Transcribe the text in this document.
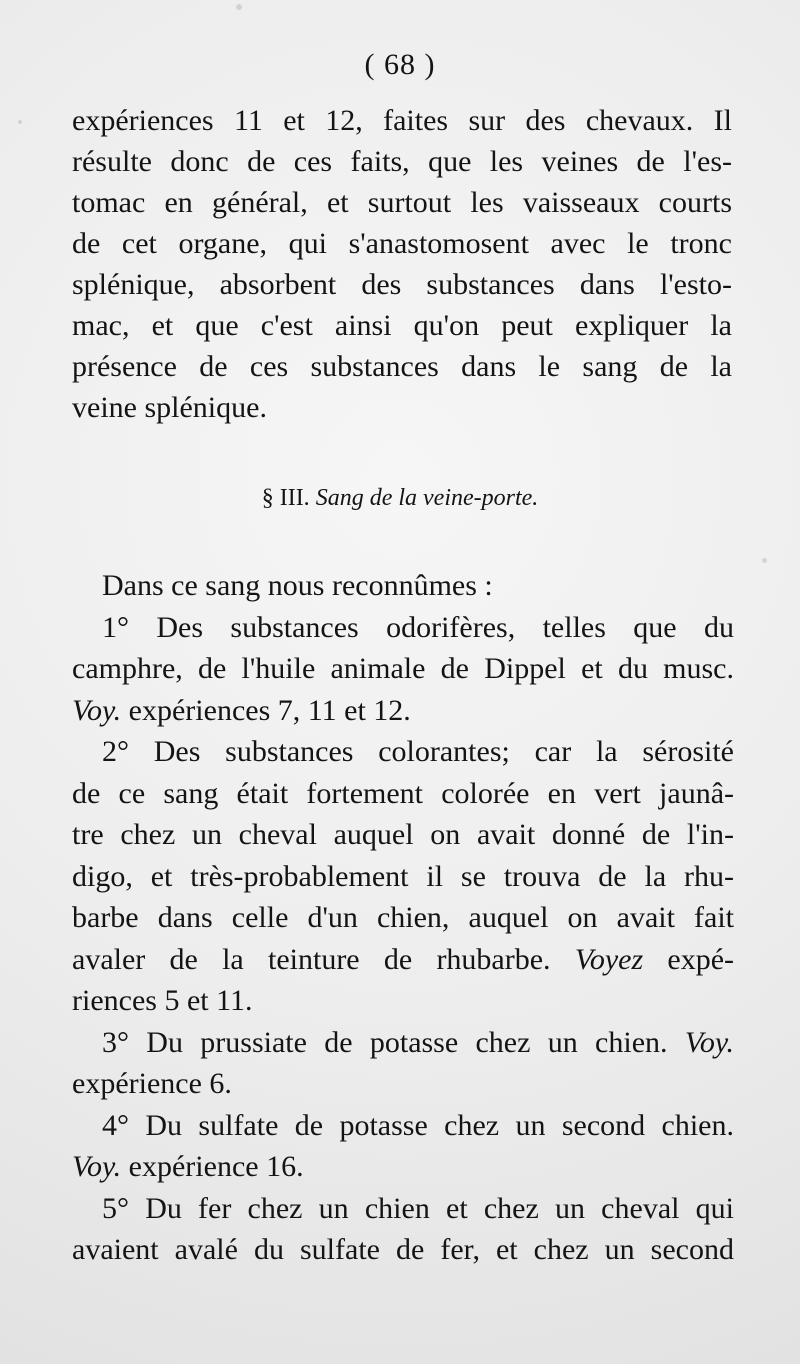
( 68 )
expériences 11 et 12, faites sur des chevaux. Il
résulte donc de ces faits, que les veines de l'es-
tomac en général, et surtout les vaisseaux courts
de cet organe, qui s'anastomosent avec le tronc
splénique, absorbent des substances dans l'esto-
mac, et que c'est ainsi qu'on peut expliquer la
présence de ces substances dans le sang de la
veine splénique.
§ III. Sang de la veine-porte.
Dans ce sang nous reconnûmes :
1° Des substances odorifères, telles que du
camphre, de l'huile animale de Dippel et du musc.
Voy. expériences 7, 11 et 12.
2° Des substances colorantes; car la sérosité
de ce sang était fortement colorée en vert jaunâ-
tre chez un cheval auquel on avait donné de l'in-
digo, et très-probablement il se trouva de la rhu-
barbe dans celle d'un chien, auquel on avait fait
avaler de la teinture de rhubarbe. Voyez expé-
riences 5 et 11.
3° Du prussiate de potasse chez un chien. Voy.
expérience 6.
4° Du sulfate de potasse chez un second chien.
Voy. expérience 16.
5° Du fer chez un chien et chez un cheval qui
avaient avalé du sulfate de fer, et chez un second
